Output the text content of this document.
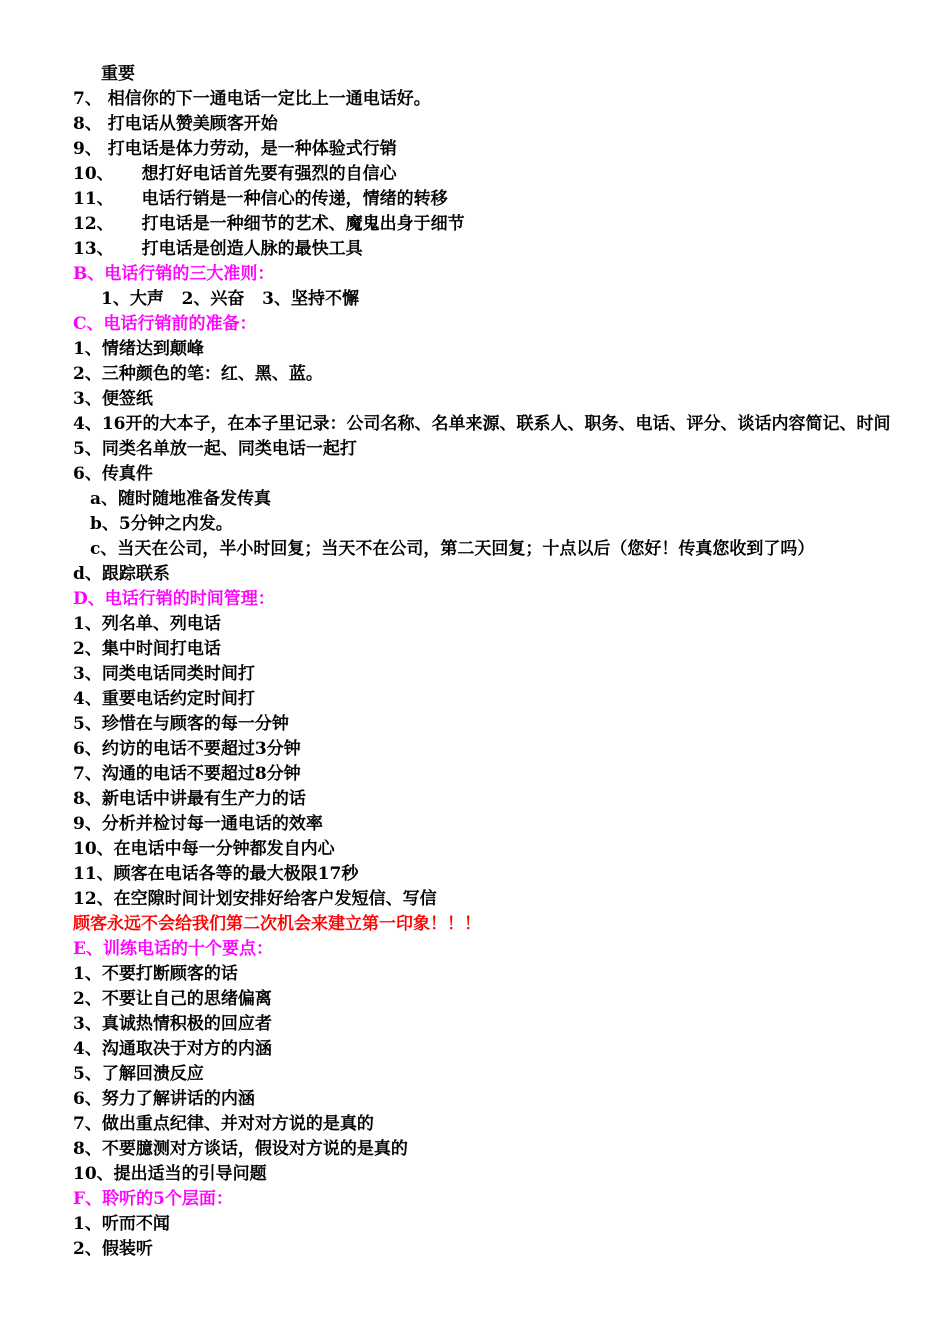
重要
7、 相信你的下一通电话一定比上一通电话好。
8、 打电话从赞美顾客开始
9、 打电话是体力劳动，是一种体验式行销
10、 想打好电话首先要有强烈的自信心
11、 电话行销是一种信心的传递，情绪的转移
12、 打电话是一种细节的艺术、魔鬼出身于细节
13、 打电话是创造人脉的最快工具
B、电话行销的三大准则：
1、大声   2、兴奋   3、坚持不懈
C、电话行销前的准备：
1、情绪达到颠峰
2、三种颜色的笔：红、黑、蓝。
3、便签纸
4、16开的大本子，在本子里记录：公司名称、名单来源、联系人、职务、电话、评分、谈话内容简记、时间
5、同类名单放一起、同类电话一起打
6、传真件
a、随时随地准备发传真
b、5分钟之内发。
c、当天在公司，半小时回复；当天不在公司，第二天回复；十点以后（您好！传真您收到了吗）
d、跟踪联系
D、电话行销的时间管理：
1、列名单、列电话
2、集中时间打电话
3、同类电话同类时间打
4、重要电话约定时间打
5、珍惜在与顾客的每一分钟
6、约访的电话不要超过3分钟
7、沟通的电话不要超过8分钟
8、新电话中讲最有生产力的话
9、分析并检讨每一通电话的效率
10、在电话中每一分钟都发自内心
11、顾客在电话各等的最大极限17秒
12、在空隙时间计划安排好给客户发短信、写信
顾客永远不会给我们第二次机会来建立第一印象！！！
E、训练电话的十个要点：
1、不要打断顾客的话
2、不要让自己的思绪偏离
3、真诚热情积极的回应者
4、沟通取决于对方的内涵
5、了解回溃反应
6、努力了解讲话的内涵
7、做出重点纪律、并对对方说的是真的
8、不要臆测对方谈话，假设对方说的是真的
10、提出适当的引导问题
F、聆听的5个层面：
1、听而不闻
2、假装听
